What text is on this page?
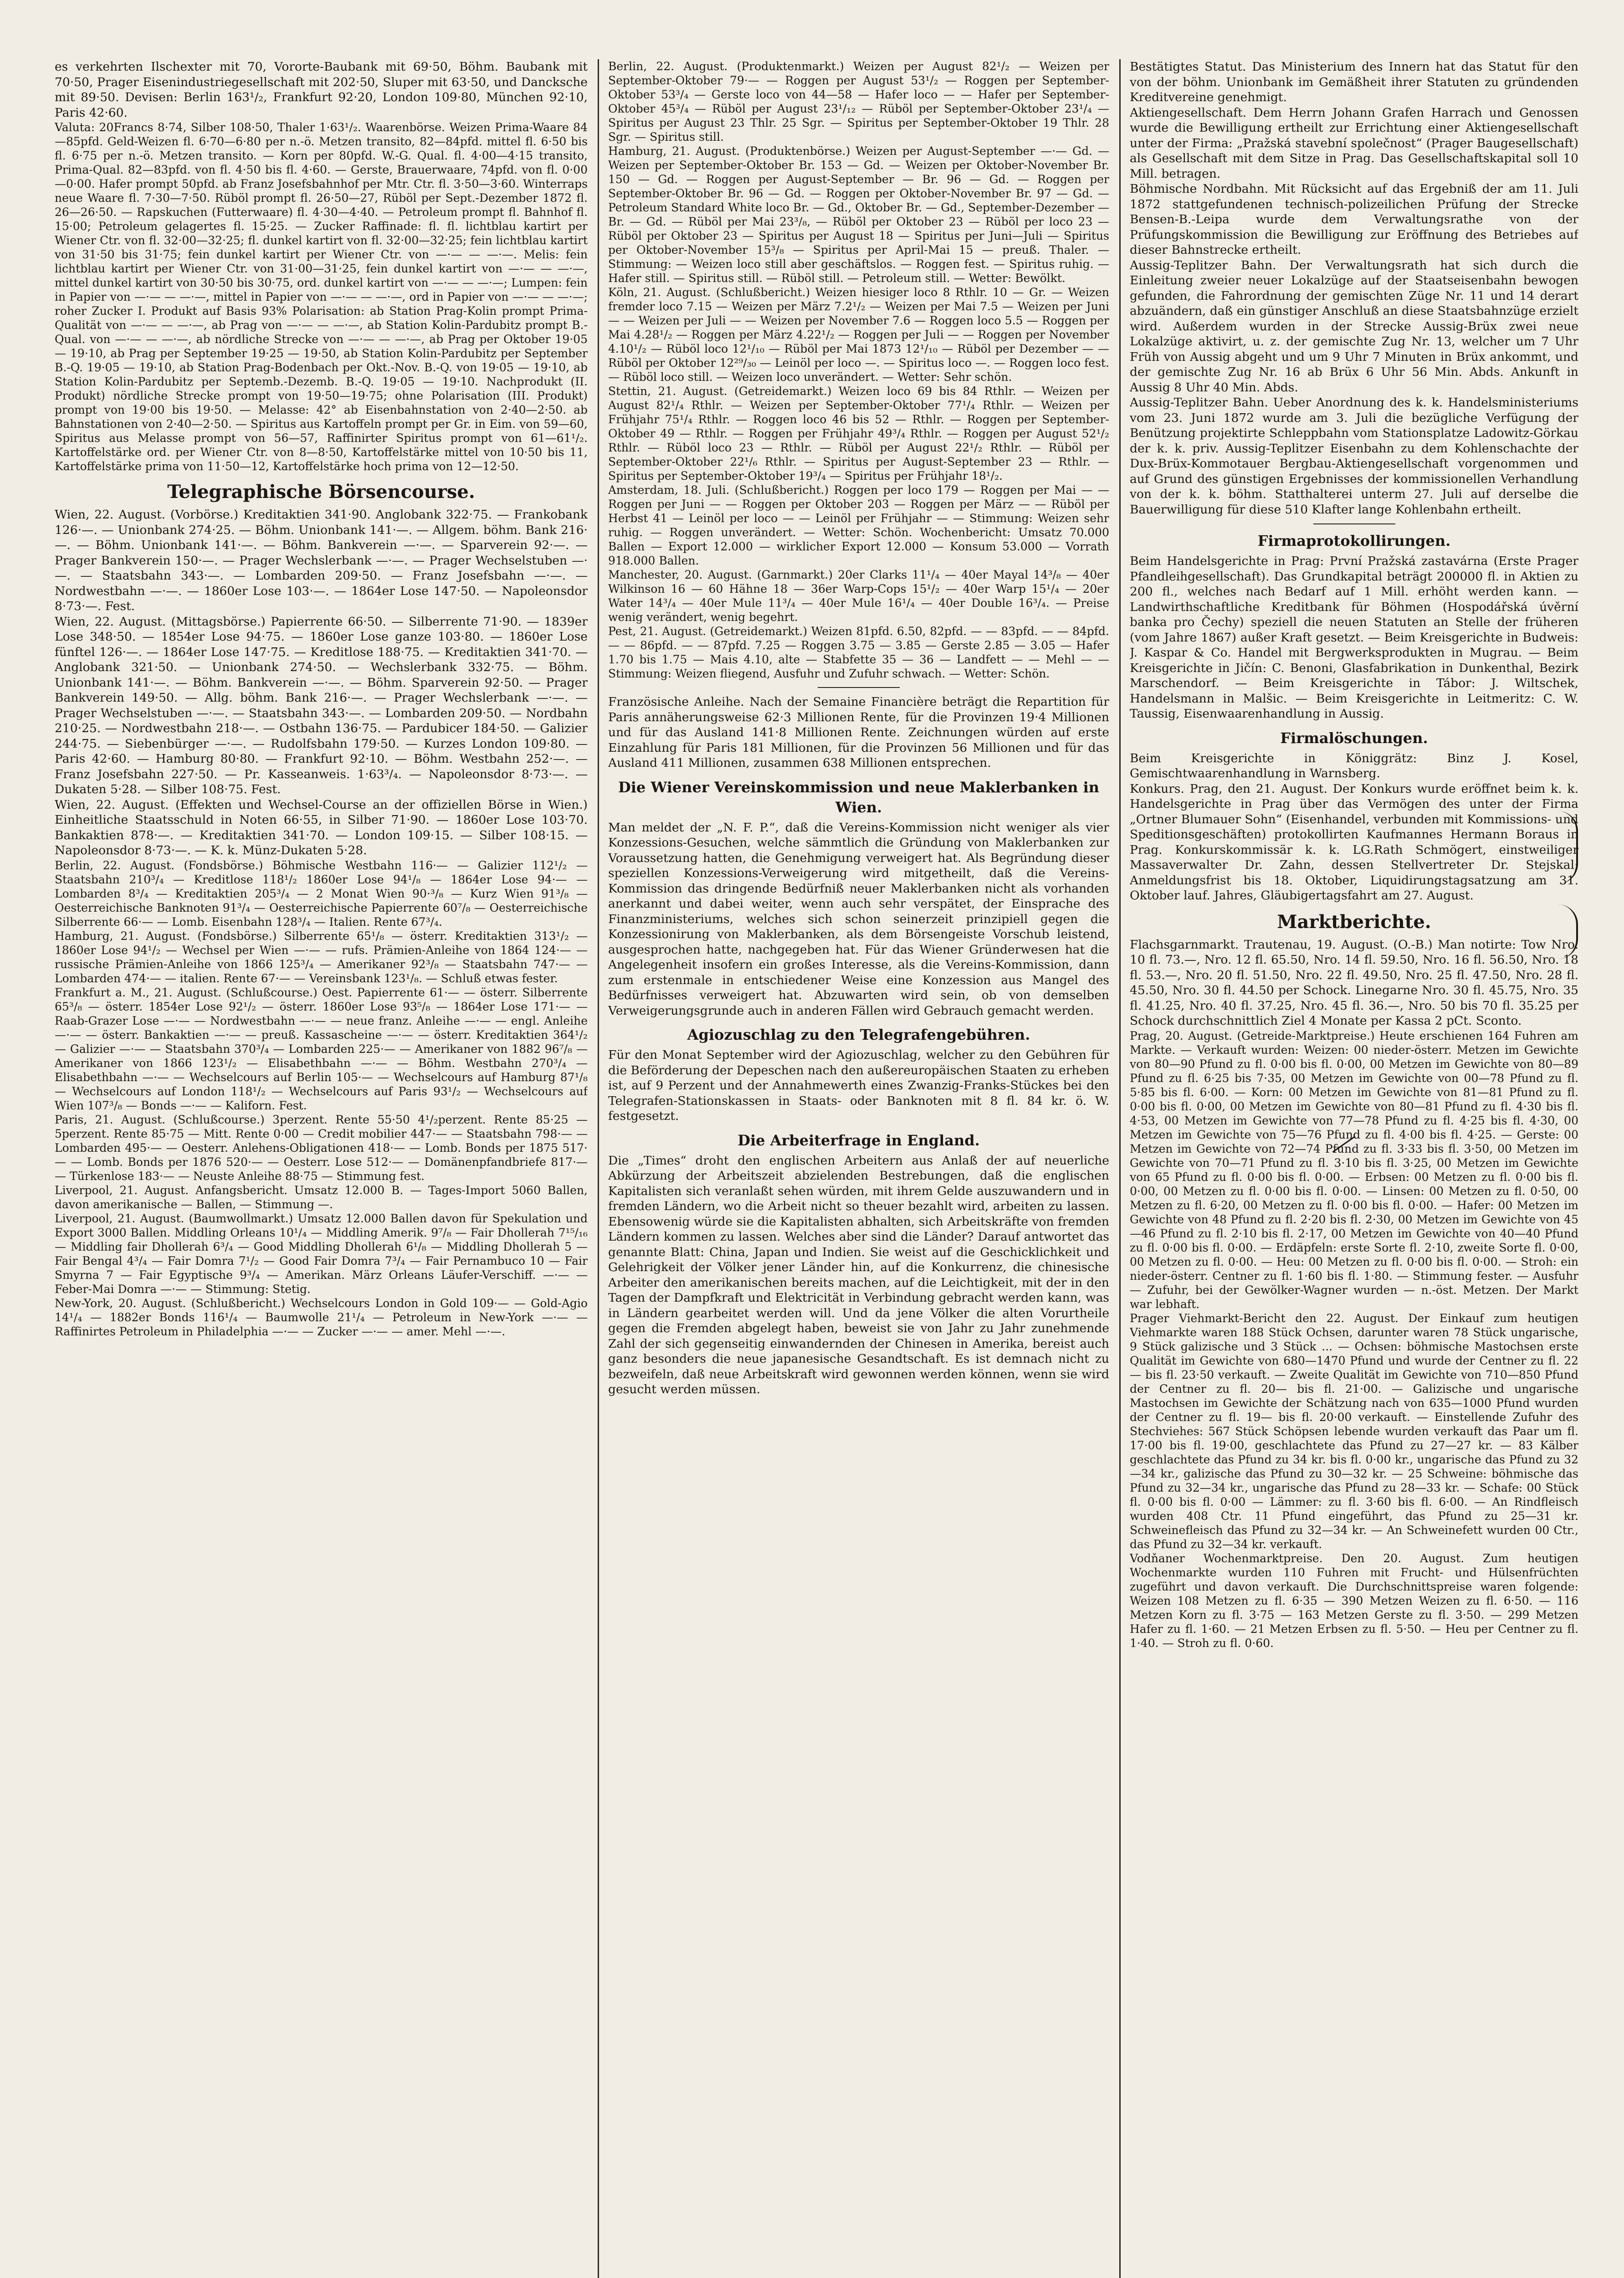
es verkehrten Ilschexter mit 70, Vororte-Baubank mit 69·50, Böhm. Baubank mit 70·50, Prager Eisenindustriegesellschaft mit 202·50, Sluper mit 63·50, und Dancksche mit 89·50. Devisen: Berlin 163¹/₂, Frankfurt 92·20, London 109·80, München 92·10, Paris 42·60.

Valuta: 20Francs 8·74, Silber 108·50, Thaler 1·63¹/₂. Waarenbörse. Weizen Prima-Waare 84—85pfd. Geld-Weizen fl. 6·70—6·80 per n.-ö. Metzen transito, 82—84pfd. mittel fl. 6·50 bis fl. 6·75 per n.-ö. Metzen transito. — Korn per 80pfd. W.-G. Qual. fl. 4·00—4·15 transito, Prima-Qual. 82—83pfd. von fl. 4·50 bis fl. 4·60. — Gerste, Brauerwaare, 74pfd. von fl. 0·00—0·00. Hafer prompt 50pfd. ab Franz Josefsbahnhof per Mtr. Ctr. fl. 3·50—3·60. Winterraps neue Waare fl. 7·30—7·50. Rüböl prompt fl. 26·50—27, Rüböl per Sept.-Dezember 1872 fl. 26—26·50. — Rapskuchen (Futterwaare) fl. 4·30—4·40. — Petroleum prompt fl. Bahnhof fl. 15·00; Petroleum gelagertes fl. 15·25. — Zucker Raffinade: fl. fl. lichtblau kartirt per Wiener Ctr. von fl. 32·00—32·25; fl. dunkel kartirt von fl. 32·00—32·25; fein lichtblau kartirt von 31·50 bis 31·75; fein dunkel kartirt per Wiener Ctr. von —·— — —·—. Melis: fein lichtblau kartirt per Wiener Ctr. von 31·00—31·25, fein dunkel kartirt von —·— — —·—, mittel dunkel kartirt von 30·50 bis 30·75, ord. dunkel kartirt von —·— — —·—; Lumpen: fein in Papier von —·— — —·—, mittel in Papier von —·— — —·—, ord in Papier von —·— — —·—; roher Zucker I. Produkt auf Basis 93% Polarisation: ab Station Prag-Kolin prompt Prima-Qualität von —·— — —·—, ab Prag von —·— — —·—, ab Station Kolin-Pardubitz prompt B.-Qual. von —·— — —·—, ab nördliche Strecke von —·— — —·—, ab Prag per Oktober 19·05 — 19·10, ab Prag per September 19·25 — 19·50, ab Station Kolin-Pardubitz per September B.-Q. 19·05 — 19·10, ab Station Prag-Bodenbach per Okt.-Nov. B.-Q. von 19·05 — 19·10, ab Station Kolin-Pardubitz per Septemb.-Dezemb. B.-Q. 19·05 — 19·10. Nachprodukt (II. Produkt) nördliche Strecke prompt von 19·50—19·75; ohne Polarisation (III. Produkt) prompt von 19·00 bis 19·50. — Melasse: 42° ab Eisenbahnstation von 2·40—2·50. ab Bahnstationen von 2·40—2·50. — Spiritus aus Kartoffeln prompt per Gr. in Eim. von 59—60, Spiritus aus Melasse prompt von 56—57, Raffinirter Spiritus prompt von 61—61¹/₂. Kartoffelstärke ord. per Wiener Ctr. von 8—8·50, Kartoffelstärke mittel von 10·50 bis 11, Kartoffelstärke prima von 11·50—12, Kartoffelstärke hoch prima von 12—12·50.

Telegraphische Börsencourse.

Wien, 22. August. (Vorbörse.) Kreditaktien 341·90. Anglobank 322·75. — Frankobank 126·—. — Unionbank 274·25. — Böhm. Unionbank 141·—. — Allgem. böhm. Bank 216·—. — Böhm. Unionbank 141·—. — Böhm. Bankverein —·—. — Sparverein 92·—. — Prager Bankverein 150·—. — Prager Wechslerbank —·—. — Prager Wechselstuben —·—. — Staatsbahn 343·—. — Lombarden 209·50. — Franz Josefsbahn —·—. — Nordwestbahn —·—. — 1860er Lose 103·—. — 1864er Lose 147·50. — Napoleonsdor 8·73·—. Fest.

Wien, 22. August. (Mittagsbörse.) Papierrente 66·50. — Silberrente 71·90. — 1839er Lose 348·50. — 1854er Lose 94·75. — 1860er Lose ganze 103·80. — 1860er Lose fünftel 126·—. — 1864er Lose 147·75. — Kreditlose 188·75. — Kreditaktien 341·70. — Anglobank 321·50. — Unionbank 274·50. — Wechslerbank 332·75. — Böhm. Unionbank 141·—. — Böhm. Bankverein —·—. — Böhm. Sparverein 92·50. — Prager Bankverein 149·50. — Allg. böhm. Bank 216·—. — Prager Wechslerbank —·—. — Prager Wechselstuben —·—. — Staatsbahn 343·—. — Lombarden 209·50. — Nordbahn 210·25. — Nordwestbahn 218·—. — Ostbahn 136·75. — Pardubicer 184·50. — Galizier 244·75. — Siebenbürger —·—. — Rudolfsbahn 179·50. — Kurzes London 109·80. — Paris 42·60. — Hamburg 80·80. — Frankfurt 92·10. — Böhm. Westbahn 252·—. — Franz Josefsbahn 227·50. — Pr. Kasseanweis. 1·63³/₄. — Napoleonsdor 8·73·—. — Dukaten 5·28. — Silber 108·75. Fest.

Wien, 22. August. (Effekten und Wechsel-Course an der offiziellen Börse in Wien.) Einheitliche Staatsschuld in Noten 66·55, in Silber 71·90. — 1860er Lose 103·70. Bankaktien 878·—. — Kreditaktien 341·70. — London 109·15. — Silber 108·15. — Napoleonsdor 8·73·—. — K. k. Münz-Dukaten 5·28.

Berlin, 22. August. (Fondsbörse.) Böhmische Westbahn 116·— — Galizier 112¹/₂ — Staatsbahn 210³/₄ — Kreditlose 118¹/₂ 1860er Lose 94¹/₈ — 1864er Lose 94·— — Lombarden 8³/₄ — Kreditaktien 205³/₄ — 2 Monat Wien 90·³/₈ — Kurz Wien 91³/₈ — Oesterreichische Banknoten 91³/₄ — Oesterreichische Papierrente 60⁷/₈ — Oesterreichische Silberrente 66·— — Lomb. Eisenbahn 128³/₄ — Italien. Rente 67³/₄.

Hamburg, 21. August. (Fondsbörse.) Silberrente 65¹/₈ — österr. Kreditaktien 313¹/₂ — 1860er Lose 94¹/₂ — Wechsel per Wien —·— — rufs. Prämien-Anleihe von 1864 124·— — russische Prämien-Anleihe von 1866 125³/₄ — Amerikaner 92³/₈ — Staatsbahn 747·— — Lombarden 474·— — italien. Rente 67·— — Vereinsbank 123¹/₈. — Schluß etwas fester.

Frankfurt a. M., 21. August. (Schlußcourse.) Oest. Papierrente 61·— — österr. Silberrente 65³/₈ — österr. 1854er Lose 92¹/₂ — österr. 1860er Lose 93⁵/₈ — 1864er Lose 171·— — Raab-Grazer Lose —·— — Nordwestbahn —·— — neue franz. Anleihe —·— — engl. Anleihe —·— — österr. Bankaktien —·— — preuß. Kassascheine —·— — österr. Kreditaktien 364¹/₂ — Galizier —·— — Staatsbahn 370³/₄ — Lombarden 225·— — Amerikaner von 1882 96⁷/₈ — Amerikaner von 1866 123¹/₂ — Elisabethbahn —·— — Böhm. Westbahn 270³/₄ — Elisabethbahn —·— — Wechselcours auf Berlin 105·— — Wechselcours auf Hamburg 87¹/₈ — Wechselcours auf London 118¹/₂ — Wechselcours auf Paris 93¹/₂ — Wechselcours auf Wien 107³/₈ — Bonds —·— — Kaliforn. Fest.

Paris, 21. August. (Schlußcourse.) 3perzent. Rente 55·50 4¹/₂perzent. Rente 85·25 — 5perzent. Rente 85·75 — Mitt. Rente 0·00 — Credit mobilier 447·— — Staatsbahn 798·— — Lombarden 495·— — Oesterr. Anlehens-Obligationen 418·— — Lomb. Bonds per 1875 517·— — Lomb. Bonds per 1876 520·— — Oesterr. Lose 512·— — Domänenpfandbriefe 817·— — Türkenlose 183·— — Neuste Anleihe 88·75 — Stimmung fest.

Liverpool, 21. August. Anfangsbericht. Umsatz 12.000 B. — Tages-Import 5060 Ballen, davon amerikanische — Ballen, — Stimmung —.

Liverpool, 21. August. (Baumwollmarkt.) Umsatz 12.000 Ballen davon für Spekulation und Export 3000 Ballen. Middling Orleans 10¹/₄ — Middling Amerik. 9⁷/₈ — Fair Dhollerah 7¹⁵/₁₆ — Middling fair Dhollerah 6³/₄ — Good Middling Dhollerah 6¹/₈ — Middling Dhollerah 5 — Fair Bengal 4³/₄ — Fair Domra 7¹/₂ — Good Fair Domra 7³/₄ — Fair Pernambuco 10 — Fair Smyrna 7 — Fair Egyptische 9³/₄ — Amerikan. März Orleans Läufer-Verschiff. —·— — Feber-Mai Domra —·— — Stimmung: Stetig.

New-York, 20. August. (Schlußbericht.) Wechselcours London in Gold 109·— — Gold-Agio 14¹/₄ — 1882er Bonds 116¹/₄ — Baumwolle 21¹/₄ — Petroleum in New-York —·— — Raffinirtes Petroleum in Philadelphia —·— — Zucker —·— — amer. Mehl —·—.

Berlin, 22. August. (Produktenmarkt.) Weizen per August 82¹/₂ — Weizen per September-Oktober 79·— — Roggen per August 53¹/₂ — Roggen per September-Oktober 53³/₄ — Gerste loco von 44—58 — Hafer loco — — Hafer per September-Oktober 45³/₄ — Rüböl per August 23¹/₁₂ — Rüböl per September-Oktober 23¹/₄ — Spiritus per August 23 Thlr. 25 Sgr. — Spiritus per September-Oktober 19 Thlr. 28 Sgr. — Spiritus still.

Hamburg, 21. August. (Produktenbörse.) Weizen per August-September —·— Gd. — Weizen per September-Oktober Br. 153 — Gd. — Weizen per Oktober-November Br. 150 — Gd. — Roggen per August-September — Br. 96 — Gd. — Roggen per September-Oktober Br. 96 — Gd. — Roggen per Oktober-November Br. 97 — Gd. — Petroleum Standard White loco Br. — Gd., Oktober Br. — Gd., September-Dezember — Br. — Gd. — Rüböl per Mai 23³/₈, — Rüböl per Oktober 23 — Rüböl per loco 23 — Rüböl per Oktober 23 — Spiritus per August 18 — Spiritus per Juni—Juli — Spiritus per Oktober-November 15³/₈ — Spiritus per April-Mai 15 — preuß. Thaler. — Stimmung: — Weizen loco still aber geschäftslos. — Roggen fest. — Spiritus ruhig. — Hafer still. — Spiritus still. — Rüböl still. — Petroleum still. — Wetter: Bewölkt.

Köln, 21. August. (Schlußbericht.) Weizen hiesiger loco 8 Rthlr. 10 — Gr. — Weizen fremder loco 7.15 — Weizen per März 7.2¹/₂ — Weizen per Mai 7.5 — Weizen per Juni — — Weizen per Juli — — Weizen per November 7.6 — Roggen loco 5.5 — Roggen per Mai 4.28¹/₂ — Roggen per März 4.22¹/₂ — Roggen per Juli — — Roggen per November 4.10¹/₂ — Rüböl loco 12¹/₁₀ — Rüböl per Mai 1873 12¹/₁₀ — Rüböl per Dezember — — Rüböl per Oktober 12²⁹/₃₀ — Leinöl per loco —. — Spiritus loco —. — Roggen loco fest. — Rüböl loco still. — Weizen loco unverändert. — Wetter: Sehr schön.

Stettin, 21. August. (Getreidemarkt.) Weizen loco 69 bis 84 Rthlr. — Weizen per August 82¹/₄ Rthlr. — Weizen per September-Oktober 77¹/₄ Rthlr. — Weizen per Frühjahr 75¹/₄ Rthlr. — Roggen loco 46 bis 52 — Rthlr. — Roggen per September-Oktober 49 — Rthlr. — Roggen per Frühjahr 49³/₄ Rthlr. — Roggen per August 52¹/₂ Rthlr. — Rüböl loco 23 — Rthlr. — Rüböl per August 22¹/₂ Rthlr. — Rüböl per September-Oktober 22¹/₆ Rthlr. — Spiritus per August-September 23 — Rthlr. — Spiritus per September-Oktober 19³/₄ — Spiritus per Frühjahr 18¹/₂.

Amsterdam, 18. Juli. (Schlußbericht.) Roggen per loco 179 — Roggen per Mai — — Roggen per Juni — — Roggen per Oktober 203 — Roggen per März — — Rüböl per Herbst 41 — Leinöl per loco — — Leinöl per Frühjahr — — Stimmung: Weizen sehr ruhig. — Roggen unverändert. — Wetter: Schön. Wochenbericht: Umsatz 70.000 Ballen — Export 12.000 — wirklicher Export 12.000 — Konsum 53.000 — Vorrath 918.000 Ballen.

Manchester, 20. August. (Garnmarkt.) 20er Clarks 11¹/₄ — 40er Mayal 14³/₈ — 40er Wilkinson 16 — 60 Hähne 18 — 36er Warp-Cops 15¹/₂ — 40er Warp 15¹/₄ — 20er Water 14³/₄ — 40er Mule 11³/₄ — 40er Mule 16¹/₄ — 40er Double 16³/₄. — Preise wenig verändert, wenig begehrt.

Pest, 21. August. (Getreidemarkt.) Weizen 81pfd. 6.50, 82pfd. — — 83pfd. — — 84pfd. — — 86pfd. — — 87pfd. 7.25 — Roggen 3.75 — 3.85 — Gerste 2.85 — 3.05 — Hafer 1.70 bis 1.75 — Mais 4.10, alte — Stabfette 35 — 36 — Landfett — — Mehl — — Stimmung: Weizen fliegend, Ausfuhr und Zufuhr schwach. — Wetter: Schön.

Französische Anleihe. Nach der Semaine Financière beträgt die Repartition für Paris annäherungsweise 62·3 Millionen Rente, für die Provinzen 19·4 Millionen und für das Ausland 141·8 Millionen Rente. Zeichnungen würden auf erste Einzahlung für Paris 181 Millionen, für die Provinzen 56 Millionen und für das Ausland 411 Millionen, zusammen 638 Millionen entsprechen.

Die Wiener Vereinskommission und neue Maklerbanken in Wien.

Man meldet der „N. F. P.“, daß die Vereins-Kommission nicht weniger als vier Konzessions-Gesuchen, welche sämmtlich die Gründung von Maklerbanken zur Voraussetzung hatten, die Genehmigung verweigert hat. Als Begründung dieser speziellen Konzessions-Verweigerung wird mitgetheilt, daß die Vereins-Kommission das dringende Bedürfniß neuer Maklerbanken nicht als vorhanden anerkannt und dabei weiter, wenn auch sehr verspätet, der Einsprache des Finanzministeriums, welches sich schon seinerzeit prinzipiell gegen die Konzessionirung von Maklerbanken, als dem Börsengeiste Vorschub leistend, ausgesprochen hatte, nachgegeben hat. Für das Wiener Gründerwesen hat die Angelegenheit insofern ein großes Interesse, als die Vereins-Kommission, dann zum erstenmale in entschiedener Weise eine Konzession aus Mangel des Bedürfnisses verweigert hat. Abzuwarten wird sein, ob von demselben Verweigerungsgrunde auch in anderen Fällen wird Gebrauch gemacht werden.

Agiozuschlag zu den Telegrafengebühren.

Für den Monat September wird der Agiozuschlag, welcher zu den Gebühren für die Beförderung der Depeschen nach den außereuropäischen Staaten zu erheben ist, auf 9 Perzent und der Annahmewerth eines Zwanzig-Franks-Stückes bei den Telegrafen-Stationskassen in Staats- oder Banknoten mit 8 fl. 84 kr. ö. W. festgesetzt.

Die Arbeiterfrage in England.

Die „Times“ droht den englischen Arbeitern aus Anlaß der auf neuerliche Abkürzung der Arbeitszeit abzielenden Bestrebungen, daß die englischen Kapitalisten sich veranlaßt sehen würden, mit ihrem Gelde auszuwandern und in fremden Ländern, wo die Arbeit nicht so theuer bezahlt wird, arbeiten zu lassen. Ebensowenig würde sie die Kapitalisten abhalten, sich Arbeitskräfte von fremden Ländern kommen zu lassen. Welches aber sind die Länder? Darauf antwortet das genannte Blatt: China, Japan und Indien. Sie weist auf die Geschicklichkeit und Gelehrigkeit der Völker jener Länder hin, auf die Konkurrenz, die chinesische Arbeiter den amerikanischen bereits machen, auf die Leichtigkeit, mit der in den Tagen der Dampfkraft und Elektricität in Verbindung gebracht werden kann, was in Ländern gearbeitet werden will. Und da jene Völker die alten Vorurtheile gegen die Fremden abgelegt haben, beweist sie von Jahr zu Jahr zunehmende Zahl der sich gegenseitig einwandernden der Chinesen in Amerika, bereist auch ganz besonders die neue japanesische Gesandtschaft. Es ist demnach nicht zu bezweifeln, daß neue Arbeitskraft wird gewonnen werden können, wenn sie wird gesucht werden müssen.

Bestätigtes Statut. Das Ministerium des Innern hat das Statut für den von der böhm. Unionbank im Gemäßheit ihrer Statuten zu gründenden Kreditvereine genehmigt.

Aktiengesellschaft. Dem Herrn Johann Grafen Harrach und Genossen wurde die Bewilligung ertheilt zur Errichtung einer Aktiengesellschaft unter der Firma: „Pražská stavební společnost“ (Prager Baugesellschaft) als Gesellschaft mit dem Sitze in Prag. Das Gesellschaftskapital soll 10 Mill. betragen.

Böhmische Nordbahn. Mit Rücksicht auf das Ergebniß der am 11. Juli 1872 stattgefundenen technisch-polizeilichen Prüfung der Strecke Bensen-B.-Leipa wurde dem Verwaltungsrathe von der Prüfungskommission die Bewilligung zur Eröffnung des Betriebes auf dieser Bahnstrecke ertheilt.

Aussig-Teplitzer Bahn. Der Verwaltungsrath hat sich durch die Einleitung zweier neuer Lokalzüge auf der Staatseisenbahn bewogen gefunden, die Fahrordnung der gemischten Züge Nr. 11 und 14 derart abzuändern, daß ein günstiger Anschluß an diese Staatsbahnzüge erzielt wird. Außerdem wurden in der Strecke Aussig-Brüx zwei neue Lokalzüge aktivirt, u. z. der gemischte Zug Nr. 13, welcher um 7 Uhr Früh von Aussig abgeht und um 9 Uhr 7 Minuten in Brüx ankommt, und der gemischte Zug Nr. 16 ab Brüx 6 Uhr 56 Min. Abds. Ankunft in Aussig 8 Uhr 40 Min. Abds.

Aussig-Teplitzer Bahn. Ueber Anordnung des k. k. Handelsministeriums vom 23. Juni 1872 wurde am 3. Juli die bezügliche Verfügung der Benützung projektirte Schleppbahn vom Stationsplatze Ladowitz-Görkau der k. k. priv. Aussig-Teplitzer Eisenbahn zu dem Kohlenschachte der Dux-Brüx-Kommotauer Bergbau-Aktiengesellschaft vorgenommen und auf Grund des günstigen Ergebnisses der kommissionellen Verhandlung von der k. k. böhm. Statthalterei unterm 27. Juli auf derselbe die Bauerwilligung für diese 510 Klafter lange Kohlenbahn ertheilt.

Firmaprotokollirungen.

Beim Handelsgerichte in Prag: První Pražská zastavárna (Erste Prager Pfandleihgesellschaft). Das Grundkapital beträgt 200000 fl. in Aktien zu 200 fl., welches nach Bedarf auf 1 Mill. erhöht werden kann. — Landwirthschaftliche Kreditbank für Böhmen (Hospodářská úvěrní banka pro Čechy) speziell die neuen Statuten an Stelle der früheren (vom Jahre 1867) außer Kraft gesetzt. — Beim Kreisgerichte in Budweis: J. Kaspar & Co. Handel mit Bergwerksprodukten in Mugrau. — Beim Kreisgerichte in Jičín: C. Benoni, Glasfabrikation in Dunkenthal, Bezirk Marschendorf. — Beim Kreisgerichte in Tábor: J. Wiltschek, Handelsmann in Malšic. — Beim Kreisgerichte in Leitmeritz: C. W. Taussig, Eisenwaarenhandlung in Aussig.

Firmalöschungen.

Beim Kreisgerichte in Königgrätz: Binz J. Kosel, Gemischtwaarenhandlung in Warnsberg.

Konkurs. Prag, den 21. August. Der Konkurs wurde eröffnet beim k. k. Handelsgerichte in Prag über das Vermögen des unter der Firma „Ortner Blumauer Sohn“ (Eisenhandel, verbunden mit Kommissions- und Speditionsgeschäften) protokollirten Kaufmannes Hermann Boraus in Prag. Konkurskommissär k. k. LG.Rath Schmögert, einstweiliger Massaverwalter Dr. Zahn, dessen Stellvertreter Dr. Stejskal; Anmeldungsfrist bis 18. Oktober, Liquidirungstagsatzung am 31. Oktober lauf. Jahres, Gläubigertagsfahrt am 27. August.

Marktberichte.

Flachsgarnmarkt. Trautenau, 19. August. (O.-B.) Man notirte: Tow Nro. 10 fl. 73.—, Nro. 12 fl. 65.50, Nro. 14 fl. 59.50, Nro. 16 fl. 56.50, Nro. 18 fl. 53.—, Nro. 20 fl. 51.50, Nro. 22 fl. 49.50, Nro. 25 fl. 47.50, Nro. 28 fl. 45.50, Nro. 30 fl. 44.50 per Schock. Linegarne Nro. 30 fl. 45.75, Nro. 35 fl. 41.25, Nro. 40 fl. 37.25, Nro. 45 fl. 36.—, Nro. 50 bis 70 fl. 35.25 per Schock durchschnittlich Ziel 4 Monate per Kassa 2 pCt. Sconto.

Prag, 20. August. (Getreide-Marktpreise.) Heute erschienen 164 Fuhren am Markte. — Verkauft wurden: Weizen: 00 nieder-österr. Metzen im Gewichte von 80—90 Pfund zu fl. 0·00 bis fl. 0·00, 00 Metzen im Gewichte von 80—89 Pfund zu fl. 6·25 bis 7·35, 00 Metzen im Gewichte von 00—78 Pfund zu fl. 5·85 bis fl. 6·00. — Korn: 00 Metzen im Gewichte von 81—81 Pfund zu fl. 0·00 bis fl. 0·00, 00 Metzen im Gewichte von 80—81 Pfund zu fl. 4·30 bis fl. 4·53, 00 Metzen im Gewichte von 77—78 Pfund zu fl. 4·25 bis fl. 4·30, 00 Metzen im Gewichte von 75—76 Pfund zu fl. 4·00 bis fl. 4·25. — Gerste: 00 Metzen im Gewichte von 72—74 Pfund zu fl. 3·33 bis fl. 3·50, 00 Metzen im Gewichte von 70—71 Pfund zu fl. 3·10 bis fl. 3·25, 00 Metzen im Gewichte von 65 Pfund zu fl. 0·00 bis fl. 0·00. — Erbsen: 00 Metzen zu fl. 0·00 bis fl. 0·00, 00 Metzen zu fl. 0·00 bis fl. 0·00. — Linsen: 00 Metzen zu fl. 0·50, 00 Metzen zu fl. 6·20, 00 Metzen zu fl. 0·00 bis fl. 0·00. — Hafer: 00 Metzen im Gewichte von 48 Pfund zu fl. 2·20 bis fl. 2·30, 00 Metzen im Gewichte von 45—46 Pfund zu fl. 2·10 bis fl. 2·17, 00 Metzen im Gewichte von 40—40 Pfund zu fl. 0·00 bis fl. 0·00. — Erdäpfeln: erste Sorte fl. 2·10, zweite Sorte fl. 0·00, 00 Metzen zu fl. 0·00. — Heu: 00 Metzen zu fl. 0·00 bis fl. 0·00. — Stroh: ein nieder-österr. Centner zu fl. 1·60 bis fl. 1·80. — Stimmung fester. — Ausfuhr — Zufuhr, bei der Gewölker-Wagner wurden — n.-öst. Metzen. Der Markt war lebhaft.

Prager Viehmarkt-Bericht den 22. August. Der Einkauf zum heutigen Viehmarkte waren 188 Stück Ochsen, darunter waren 78 Stück ungarische, 9 Stück galizische und 3 Stück ... — Ochsen: böhmische Mastochsen erste Qualität im Gewichte von 680—1470 Pfund und wurde der Centner zu fl. 22— bis fl. 23·50 verkauft. — Zweite Qualität im Gewichte von 710—850 Pfund der Centner zu fl. 20— bis fl. 21·00. — Galizische und ungarische Mastochsen im Gewichte der Schätzung nach von 635—1000 Pfund wurden der Centner zu fl. 19— bis fl. 20·00 verkauft. — Einstellende Zufuhr des Stechviehes: 567 Stück Schöpsen lebende wurden verkauft das Paar um fl. 17·00 bis fl. 19·00, geschlachtete das Pfund zu 27—27 kr. — 83 Kälber geschlachtete das Pfund zu 34 kr. bis fl. 0·00 kr., ungarische das Pfund zu 32—34 kr., galizische das Pfund zu 30—32 kr. — 25 Schweine: böhmische das Pfund zu 32—34 kr., ungarische das Pfund zu 28—33 kr. — Schafe: 00 Stück fl. 0·00 bis fl. 0·00 — Lämmer: zu fl. 3·60 bis fl. 6·00. — An Rindfleisch wurden 408 Ctr. 11 Pfund eingeführt, das Pfund zu 25—31 kr. Schweinefleisch das Pfund zu 32—34 kr. — An Schweinefett wurden 00 Ctr., das Pfund zu 32—34 kr. verkauft.

Vodňaner Wochenmarktpreise. Den 20. August. Zum heutigen Wochenmarkte wurden 110 Fuhren mit Frucht- und Hülsenfrüchten zugeführt und davon verkauft. Die Durchschnittspreise waren folgende: Weizen 108 Metzen zu fl. 6·35 — 390 Metzen Weizen zu fl. 6·50. — 116 Metzen Korn zu fl. 3·75 — 163 Metzen Gerste zu fl. 3·50. — 299 Metzen Hafer zu fl. 1·60. — 21 Metzen Erbsen zu fl. 5·50. — Heu per Centner zu fl. 1·40. — Stroh zu fl. 0·60.
